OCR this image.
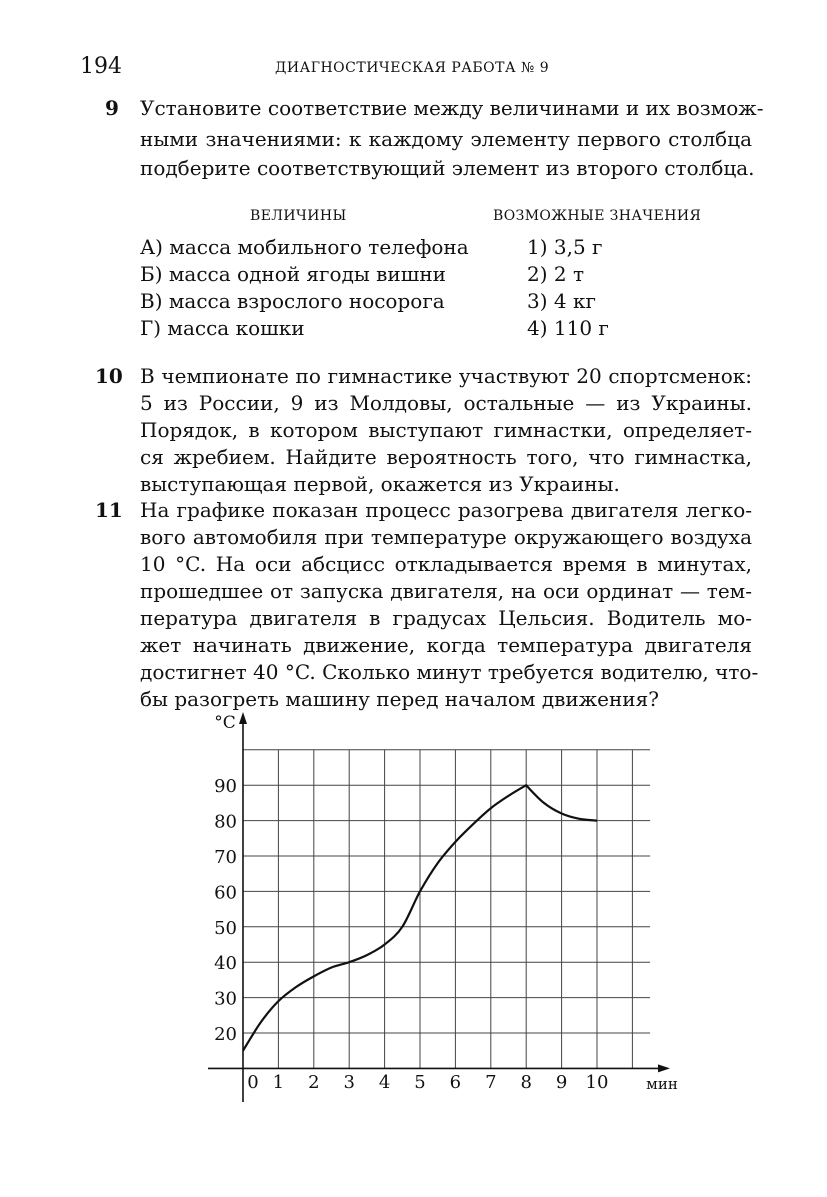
194	ДИАГНОСТИЧЕСКАЯ РАБОТА № 9
9 Установите соответствие между величинами и их возмож-
ными значениями: к каждому элементу первого столбца
подберите соответствующий элемент из второго столбца.
ВЕЛИЧИНЫ	ВОЗМОЖНЫЕ ЗНАЧЕНИЯ
А) масса мобильного телефона
Б) масса одной ягоды вишни
В) масса взрослого носорога
Г) масса кошки
1) 3,5 г
2) 2 т
3) 4 кг
4) 110 г
10 В чемпионате по гимнастике участвуют 20 спортсменок:
5 из России, 9 из Молдовы, остальные — из Украины.
Порядок, в котором выступают гимнастки, определяет-
ся жребием. Найдите вероятность того, что гимнастка,
выступающая первой, окажется из Украины.
11 На графике показан процесс разогрева двигателя легко-
вого автомобиля при температуре окружающего воздуха
10 °C. На оси абсцисс откладывается время в минутах,
прошедшее от запуска двигателя, на оси ординат — тем-
пература двигателя в градусах Цельсия. Водитель мо-
жет начинать движение, когда температура двигателя
достигнет 40 °C. Сколько минут требуется водителю, что-
бы разогреть машину перед началом движения?
20
30
40
50
60
70
80
90
0 1 2 3 4 5 6 7 8 9 10
°C
мин
